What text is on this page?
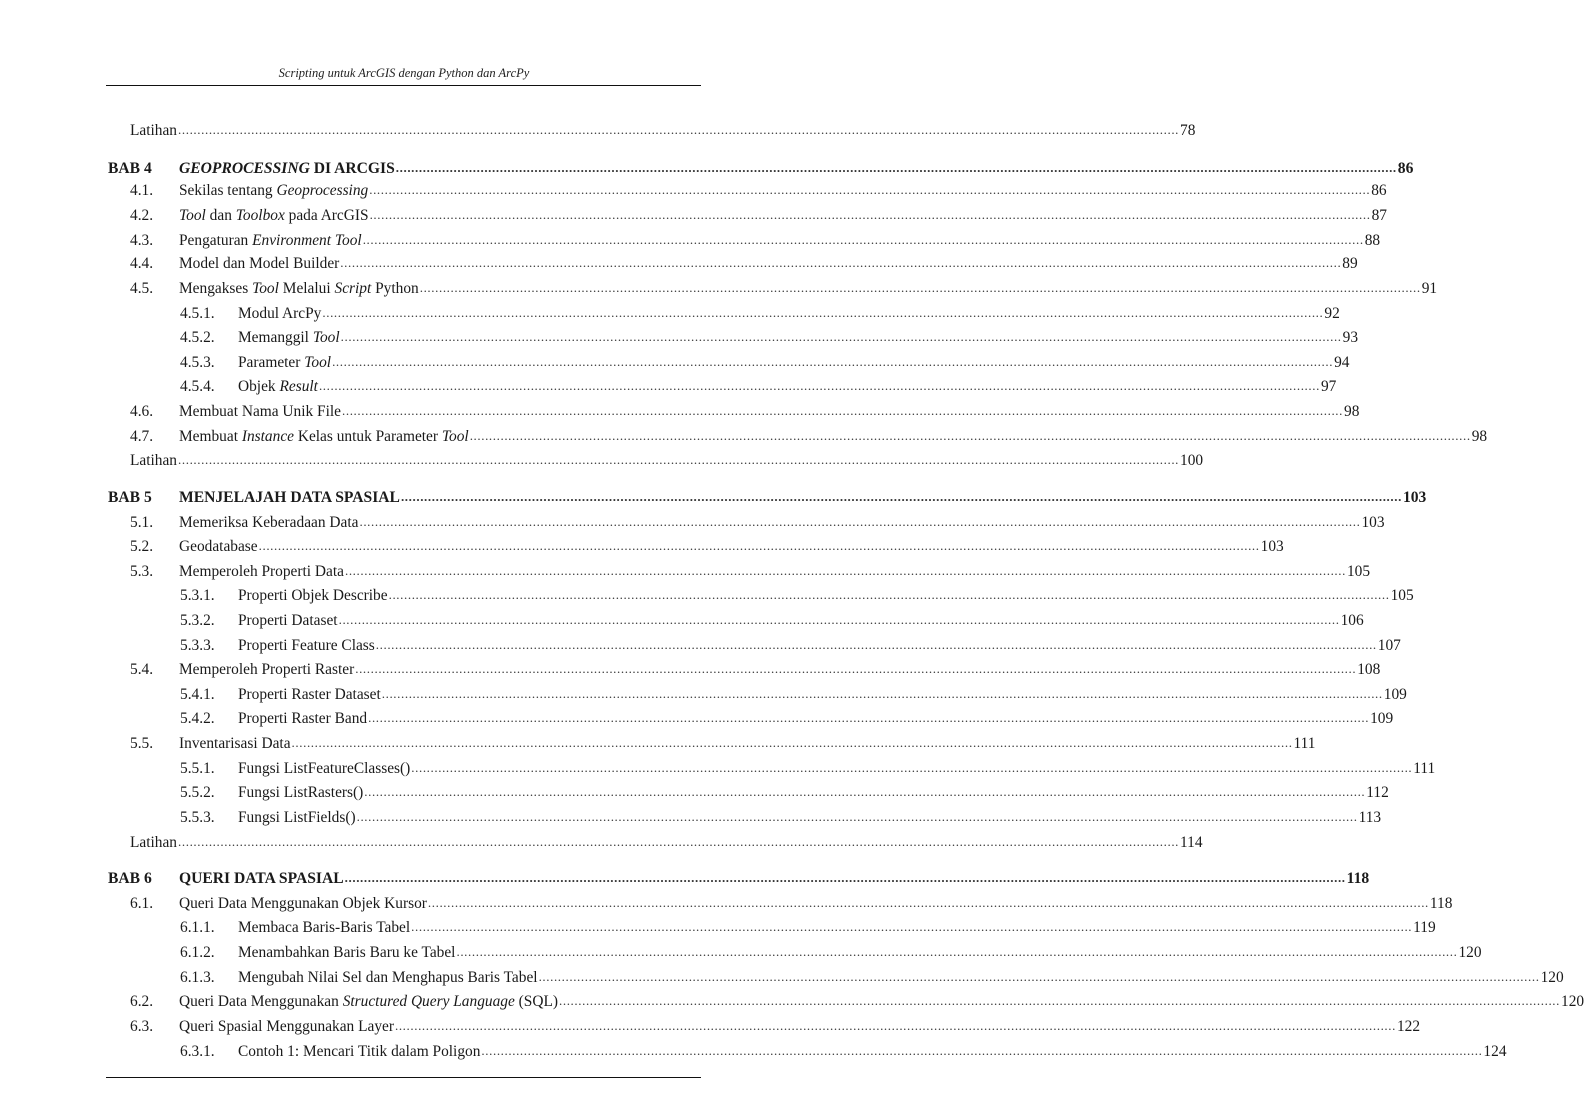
Scripting untuk ArcGIS dengan Python dan ArcPy
Latihan .................................................................................................................................................................................................................................................................... 78
BAB 4	GEOPROCESSING DI ARCGIS .................................................................................................................................................................................................................................................................... 86
4.1.	Sekilas tentang Geoprocessing .................................................................................................................................................................................................................................................................... 86
4.2.	Tool dan Toolbox pada ArcGIS .................................................................................................................................................................................................................................................................... 87
4.3.	Pengaturan Environment Tool .................................................................................................................................................................................................................................................................... 88
4.4.	Model dan Model Builder .................................................................................................................................................................................................................................................................... 89
4.5.	Mengakses Tool Melalui Script Python .................................................................................................................................................................................................................................................................... 91
4.5.1.	Modul ArcPy .................................................................................................................................................................................................................................................................... 92
4.5.2.	Memanggil Tool .................................................................................................................................................................................................................................................................... 93
4.5.3.	Parameter Tool .................................................................................................................................................................................................................................................................... 94
4.5.4.	Objek Result .................................................................................................................................................................................................................................................................... 97
4.6.	Membuat Nama Unik File .................................................................................................................................................................................................................................................................... 98
4.7.	Membuat Instance Kelas untuk Parameter Tool .................................................................................................................................................................................................................................................................... 98
Latihan .................................................................................................................................................................................................................................................................... 100
BAB 5	MENJELAJAH DATA SPASIAL .................................................................................................................................................................................................................................................................... 103
5.1.	Memeriksa Keberadaan Data .................................................................................................................................................................................................................................................................... 103
5.2.	Geodatabase .................................................................................................................................................................................................................................................................... 103
5.3.	Memperoleh Properti Data .................................................................................................................................................................................................................................................................... 105
5.3.1.	Properti Objek Describe .................................................................................................................................................................................................................................................................... 105
5.3.2.	Properti Dataset .................................................................................................................................................................................................................................................................... 106
5.3.3.	Properti Feature Class .................................................................................................................................................................................................................................................................... 107
5.4.	Memperoleh Properti Raster .................................................................................................................................................................................................................................................................... 108
5.4.1.	Properti Raster Dataset .................................................................................................................................................................................................................................................................... 109
5.4.2.	Properti Raster Band .................................................................................................................................................................................................................................................................... 109
5.5.	Inventarisasi Data .................................................................................................................................................................................................................................................................... 111
5.5.1.	Fungsi ListFeatureClasses() .................................................................................................................................................................................................................................................................... 111
5.5.2.	Fungsi ListRasters() .................................................................................................................................................................................................................................................................... 112
5.5.3.	Fungsi ListFields() .................................................................................................................................................................................................................................................................... 113
Latihan .................................................................................................................................................................................................................................................................... 114
BAB 6	QUERI DATA SPASIAL .................................................................................................................................................................................................................................................................... 118
6.1.	Queri Data Menggunakan Objek Kursor .................................................................................................................................................................................................................................................................... 118
6.1.1.	Membaca Baris-Baris Tabel .................................................................................................................................................................................................................................................................... 119
6.1.2.	Menambahkan Baris Baru ke Tabel .................................................................................................................................................................................................................................................................... 120
6.1.3.	Mengubah Nilai Sel dan Menghapus Baris Tabel .................................................................................................................................................................................................................................................................... 120
6.2.	Queri Data Menggunakan Structured Query Language (SQL) .................................................................................................................................................................................................................................................................... 120
6.3.	Queri Spasial Menggunakan Layer .................................................................................................................................................................................................................................................................... 122
6.3.1.	Contoh 1: Mencari Titik dalam Poligon .................................................................................................................................................................................................................................................................... 124
